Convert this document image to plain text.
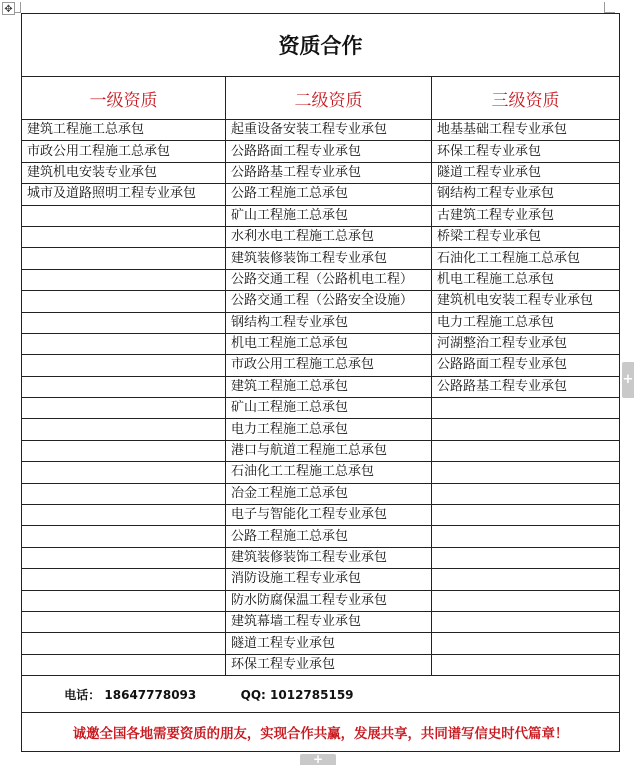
✥
+
+
资质合作		
一级资质	二级资质	三级资质
建筑工程施工总承包	起重设备安装工程专业承包	地基基础工程专业承包
市政公用工程施工总承包	公路路面工程专业承包	环保工程专业承包
建筑机电安装专业承包	公路路基工程专业承包	隧道工程专业承包
城市及道路照明工程专业承包	公路工程施工总承包	钢结构工程专业承包
	矿山工程施工总承包	古建筑工程专业承包
	水利水电工程施工总承包	桥梁工程专业承包
	建筑装修装饰工程专业承包	石油化工工程施工总承包
	公路交通工程（公路机电工程）	机电工程施工总承包
	公路交通工程（公路安全设施）	建筑机电安装工程专业承包
	钢结构工程专业承包	电力工程施工总承包
	机电工程施工总承包	河湖整治工程专业承包
	市政公用工程施工总承包	公路路面工程专业承包
	建筑工程施工总承包	公路路基工程专业承包
	矿山工程施工总承包	
	电力工程施工总承包	
	港口与航道工程施工总承包	
	石油化工工程施工总承包	
	冶金工程施工总承包	
	电子与智能化工程专业承包	
	公路工程施工总承包	
	建筑装修装饰工程专业承包	
	消防设施工程专业承包	
	防水防腐保温工程专业承包	
	建筑幕墙工程专业承包	
	隧道工程专业承包	
	环保工程专业承包	
电话： 18647778093 QQ: 1012785159		
诚邀全国各地需要资质的朋友，实现合作共赢，发展共享，共同谱写信史时代篇章！		
